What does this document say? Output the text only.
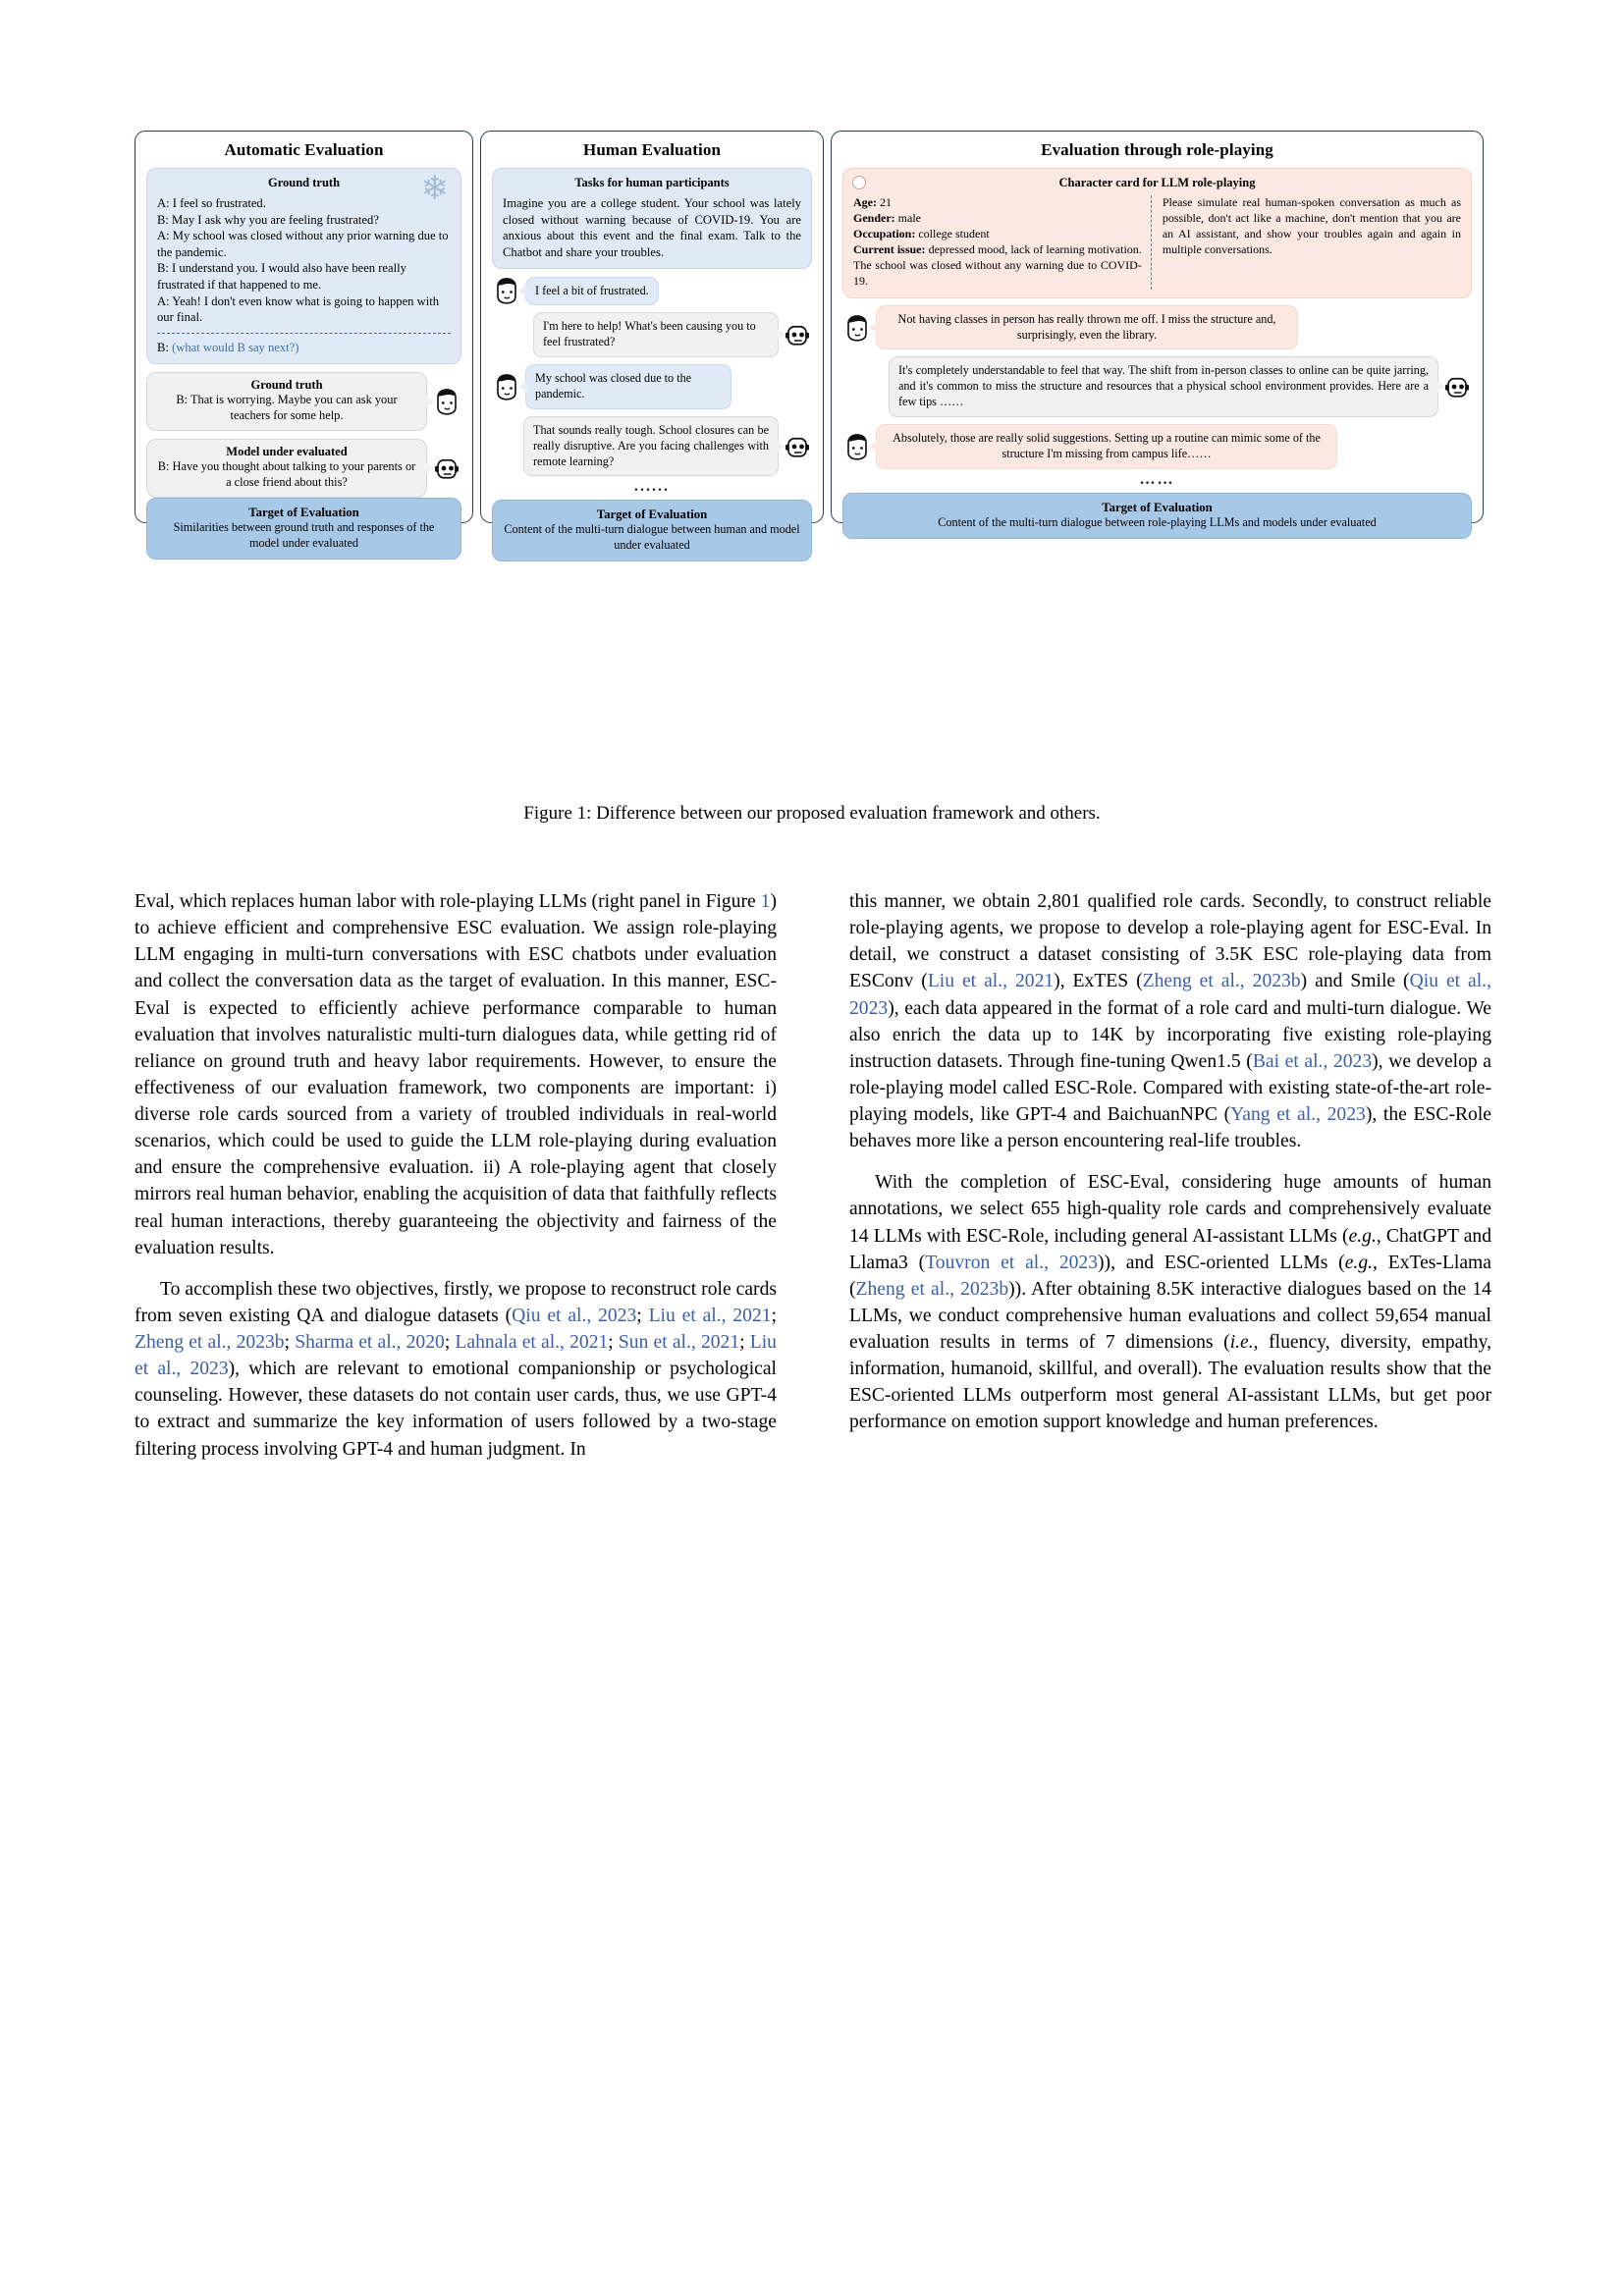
Automatic Evaluation
❄
Ground truth
A: I feel so frustrated.
B: May I ask why you are feeling frustrated?
A: My school was closed without any prior warning due to the pandemic.
B: I understand you. I would also have been really frustrated if that happened to me.
A: Yeah! I don't even know what is going to happen with our final.
B: (what would B say next?)
Ground truth
B: That is worrying. Maybe you can ask your teachers for some help.
Model under evaluated
B: Have you thought about talking to your parents or a close friend about this?
Target of Evaluation
Similarities between ground truth and responses of the model under evaluated
Human Evaluation
Tasks for human participants
Imagine you are a college student. Your school was lately closed without warning because of COVID-19. You are anxious about this event and the final exam. Talk to the Chatbot and share your troubles.
I feel a bit of frustrated.
I'm here to help! What's been causing you to feel frustrated?
My school was closed due to the pandemic.
That sounds really tough. School closures can be really disruptive. Are you facing challenges with remote learning?
......
Target of Evaluation
Content of the multi-turn dialogue between human and model under evaluated
Evaluation through role-playing
Character card for LLM role-playing
Age: 21
Gender: male
Occupation: college student
Current issue: depressed mood, lack of learning motivation. The school was closed without any warning due to COVID-19.
Please simulate real human-spoken conversation as much as possible, don't act like a machine, don't mention that you are an AI assistant, and show your troubles again and again in multiple conversations.
Not having classes in person has really thrown me off. I miss the structure and, surprisingly, even the library.
It's completely understandable to feel that way. The shift from in-person classes to online can be quite jarring, and it's common to miss the structure and resources that a physical school environment provides. Here are a few tips ……
Absolutely, those are really solid suggestions. Setting up a routine can mimic some of the structure I'm missing from campus life……
……
Target of Evaluation
Content of the multi-turn dialogue between role-playing LLMs and models under evaluated
Figure 1: Difference between our proposed evaluation framework and others.

Eval, which replaces human labor with role-playing LLMs (right panel in Figure 1) to achieve efficient and comprehensive ESC evaluation. We assign role-playing LLM engaging in multi-turn conversations with ESC chatbots under evaluation and collect the conversation data as the target of evaluation. In this manner, ESC-Eval is expected to efficiently achieve performance comparable to human evaluation that involves naturalistic multi-turn dialogues data, while getting rid of reliance on ground truth and heavy labor requirements. However, to ensure the effectiveness of our evaluation framework, two components are important: i) diverse role cards sourced from a variety of troubled individuals in real-world scenarios, which could be used to guide the LLM role-playing during evaluation and ensure the comprehensive evaluation. ii) A role-playing agent that closely mirrors real human behavior, enabling the acquisition of data that faithfully reflects real human interactions, thereby guaranteeing the objectivity and fairness of the evaluation results.

To accomplish these two objectives, firstly, we propose to reconstruct role cards from seven existing QA and dialogue datasets (Qiu et al., 2023; Liu et al., 2021; Zheng et al., 2023b; Sharma et al., 2020; Lahnala et al., 2021; Sun et al., 2021; Liu et al., 2023), which are relevant to emotional companionship or psychological counseling. However, these datasets do not contain user cards, thus, we use GPT-4 to extract and summarize the key information of users followed by a two-stage filtering process involving GPT-4 and human judgment. In

this manner, we obtain 2,801 qualified role cards. Secondly, to construct reliable role-playing agents, we propose to develop a role-playing agent for ESC-Eval. In detail, we construct a dataset consisting of 3.5K ESC role-playing data from ESConv (Liu et al., 2021), ExTES (Zheng et al., 2023b) and Smile (Qiu et al., 2023), each data appeared in the format of a role card and multi-turn dialogue. We also enrich the data up to 14K by incorporating five existing role-playing instruction datasets. Through fine-tuning Qwen1.5 (Bai et al., 2023), we develop a role-playing model called ESC-Role. Compared with existing state-of-the-art role-playing models, like GPT-4 and BaichuanNPC (Yang et al., 2023), the ESC-Role behaves more like a person encountering real-life troubles.

With the completion of ESC-Eval, considering huge amounts of human annotations, we select 655 high-quality role cards and comprehensively evaluate 14 LLMs with ESC-Role, including general AI-assistant LLMs (e.g., ChatGPT and Llama3 (Touvron et al., 2023)), and ESC-oriented LLMs (e.g., ExTes-Llama (Zheng et al., 2023b)). After obtaining 8.5K interactive dialogues based on the 14 LLMs, we conduct comprehensive human evaluations and collect 59,654 manual evaluation results in terms of 7 dimensions (i.e., fluency, diversity, empathy, information, humanoid, skillful, and overall). The evaluation results show that the ESC-oriented LLMs outperform most general AI-assistant LLMs, but get poor performance on emotion support knowledge and human preferences.
